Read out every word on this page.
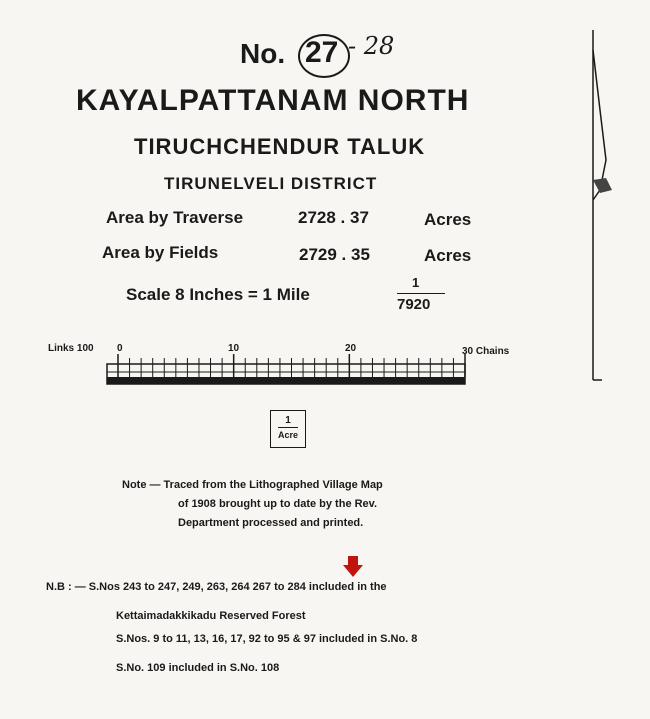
No. 27 - 28
KAYALPATTANAM NORTH
TIRUCHCHENDUR TALUK
TIRUNELVELI DISTRICT
Area by Traverse	2728 . 37	Acres
Area by Fields	2729 . 35	Acres
Scale 8 Inches = 1 Mile
1
7920
Links 100 0	10	20	30 Chains
1
Acre
Note — Traced from the Lithographed Village Map
of 1908 brought up to date by the Rev.
Department processed and printed.
N.B : — S.Nos 243 to 247, 249, 263, 264 267 to 284 included in the
Kettaimadakkikadu Reserved Forest
S.Nos. 9 to 11, 13, 16, 17, 92 to 95 & 97 included in S.No. 8
S.No. 109 included in S.No. 108
